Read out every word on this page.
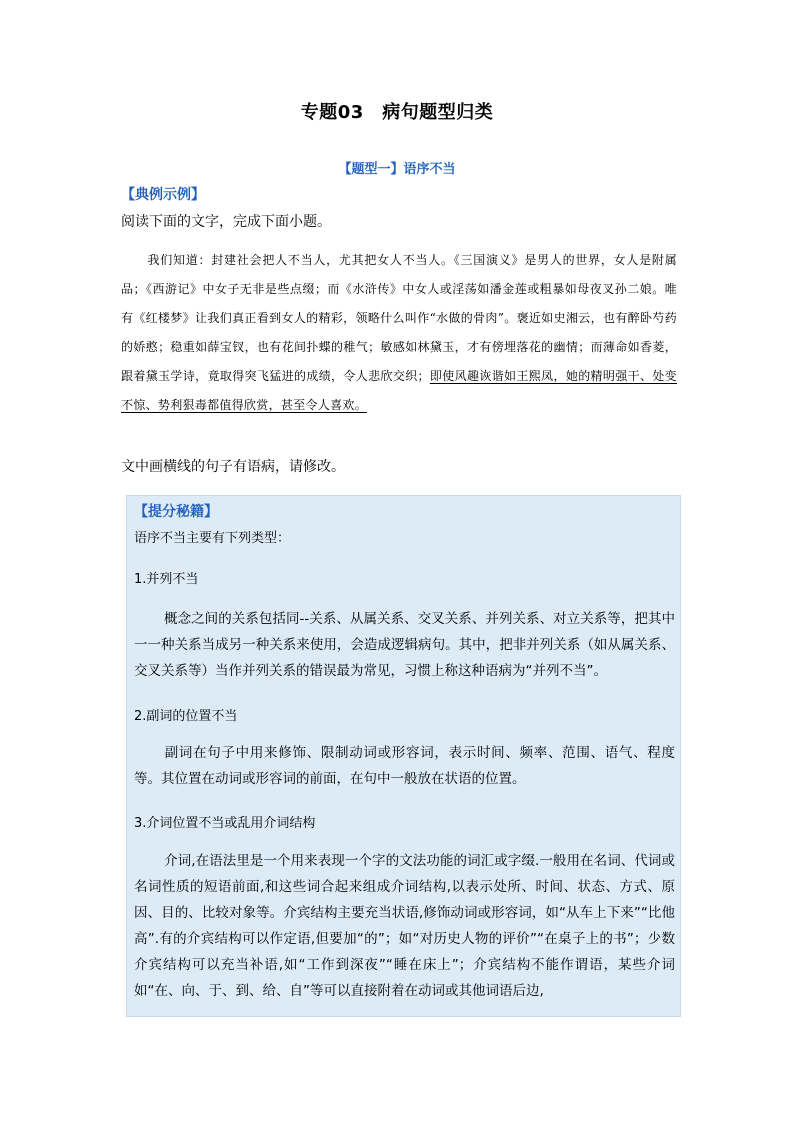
专题03　病句题型归类
【题型一】语序不当
【典例示例】
阅读下面的文字，完成下面小题。
我们知道：封建社会把人不当人，尤其把女人不当人。《三国演义》是男人的世界，女人是附属品；《西游记》中女子无非是些点缀；而《水浒传》中女人或淫荡如潘金莲或粗暴如母夜叉孙二娘。唯有《红楼梦》让我们真正看到女人的精彩，领略什么叫作“水做的骨肉”。褒近如史湘云，也有醉卧芍药的娇憨；稳重如薛宝钗，也有花间扑蝶的稚气；敏感如林黛玉，才有傍埋落花的幽情；而薄命如香菱，跟着黛玉学诗，竟取得突飞猛进的成绩，令人悲欣交织；即使风趣诙谐如王熙凤，她的精明强干、处变不惊、势利狠毒都值得欣赏，甚至令人喜欢。
文中画横线的句子有语病，请修改。
【提分秘籍】
语序不当主要有下列类型：
1.并列不当
概念之间的关系包括同--关系、从属关系、交叉关系、并列关系、对立关系等，把其中一一种关系当成另一种关系来使用，会造成逻辑病句。其中，把非并列关系（如从属关系、交叉关系等）当作并列关系的错误最为常见，习惯上称这种语病为“并列不当”。
2.副词的位置不当
副词在句子中用来修饰、限制动词或形容词，表示时间、频率、范围、语气、程度等。其位置在动词或形容词的前面，在句中一般放在状语的位置。
3.介词位置不当或乱用介词结构
介词,在语法里是一个用来表现一个字的文法功能的词汇或字缀.一般用在名词、代词或名词性质的短语前面,和这些词合起来组成介词结构,以表示处所、时间、状态、方式、原因、目的、比较对象等。介宾结构主要充当状语,修饰动词或形容词，如“从车上下来”“比他高”.有的介宾结构可以作定语,但要加“的”；如“对历史人物的评价”“在桌子上的书”；少数介宾结构可以充当补语,如“工作到深夜”“睡在床上”；介宾结构不能作谓语，某些介词如“在、向、于、到、给、自”等可以直接附着在动词或其他词语后边,
